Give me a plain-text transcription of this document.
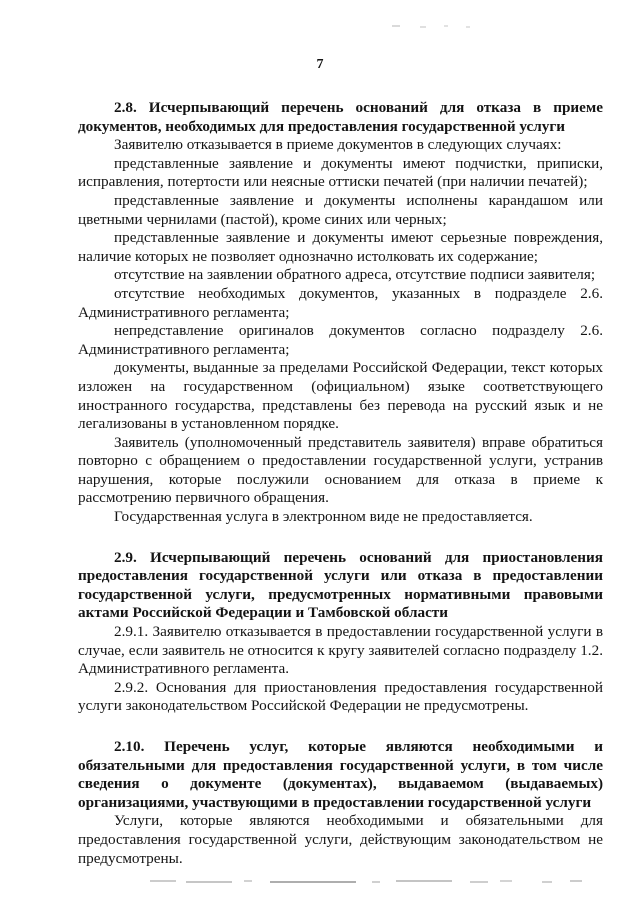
7

2.8. Исчерпывающий перечень оснований для отказа в приеме документов, необходимых для предоставления государственной услуги

Заявителю отказывается в приеме документов в следующих случаях:

представленные заявление и документы имеют подчистки, приписки, исправления, потертости или неясные оттиски печатей (при наличии печатей);

представленные заявление и документы исполнены карандашом или цветными чернилами (пастой), кроме синих или черных;

представленные заявление и документы имеют серьезные повреждения, наличие которых не позволяет однозначно истолковать их содержание;

отсутствие на заявлении обратного адреса, отсутствие подписи заявителя;

отсутствие необходимых документов, указанных в подразделе 2.6. Административного регламента;

непредставление оригиналов документов согласно подразделу 2.6. Административного регламента;

документы, выданные за пределами Российской Федерации, текст которых изложен на государственном (официальном) языке соответствующего иностранного государства, представлены без перевода на русский язык и не легализованы в установленном порядке.

Заявитель (уполномоченный представитель заявителя) вправе обратиться повторно с обращением о предоставлении государственной услуги, устранив нарушения, которые послужили основанием для отказа в приеме к рассмотрению первичного обращения.

Государственная услуга в электронном виде не предоставляется.

2.9. Исчерпывающий перечень оснований для приостановления предоставления государственной услуги или отказа в предоставлении государственной услуги, предусмотренных нормативными правовыми актами Российской Федерации и Тамбовской области

2.9.1. Заявителю отказывается в предоставлении государственной услуги в случае, если заявитель не относится к кругу заявителей согласно подразделу 1.2. Административного регламента.

2.9.2. Основания для приостановления предоставления государственной услуги законодательством Российской Федерации не предусмотрены.

2.10. Перечень услуг, которые являются необходимыми и обязательными для предоставления государственной услуги, в том числе сведения о документе (документах), выдаваемом (выдаваемых) организациями, участвующими в предоставлении государственной услуги

Услуги, которые являются необходимыми и обязательными для предоставления государственной услуги, действующим законодательством не предусмотрены.
